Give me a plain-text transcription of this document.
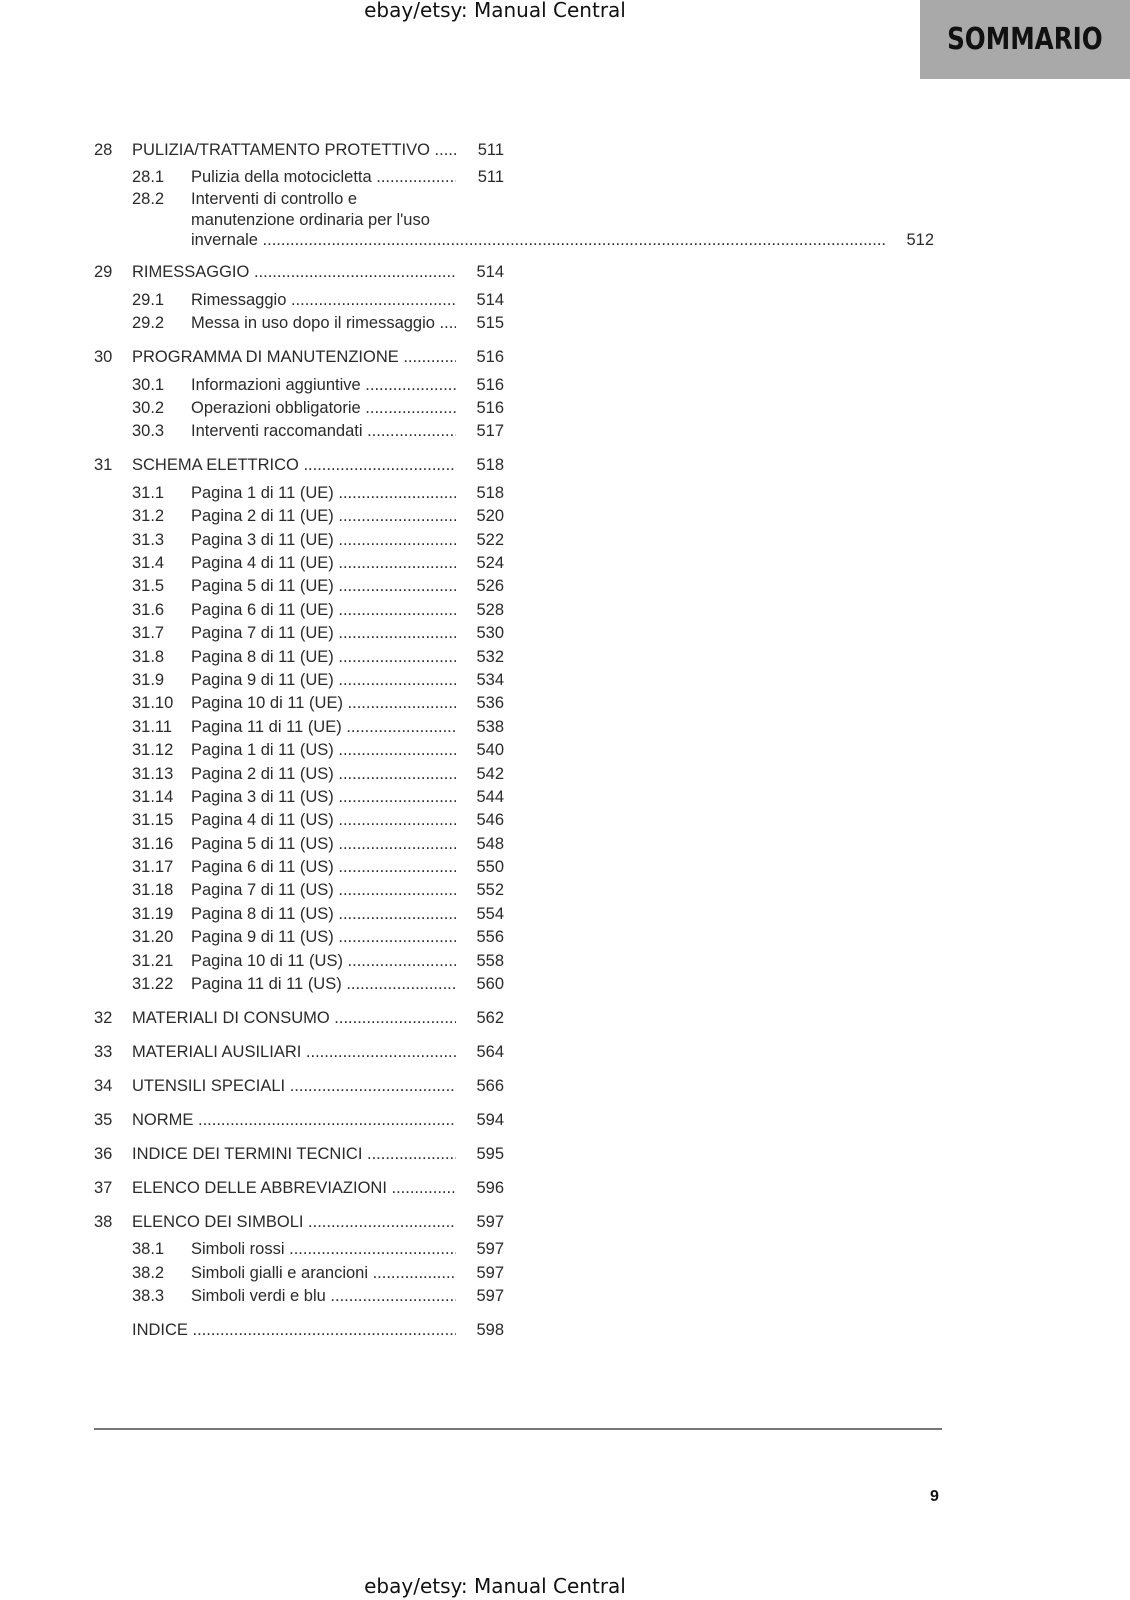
ebay/etsy: Manual Central
SOMMARIO
28	PULIZIA/TRATTAMENTO PROTETTIVO .....	511
28.1	Pulizia della motocicletta .....	511
28.2	Interventi di controllo e
manutenzione ordinaria per l'uso
invernale .....	512
29	RIMESSAGGIO .....	514
29.1	Rimessaggio .....	514
29.2	Messa in uso dopo il rimessaggio .....	515
30	PROGRAMMA DI MANUTENZIONE .....	516
30.1	Informazioni aggiuntive .....	516
30.2	Operazioni obbligatorie .....	516
30.3	Interventi raccomandati .....	517
31	SCHEMA ELETTRICO .....	518
31.1	Pagina 1 di 11 (UE) .....	518
31.2	Pagina 2 di 11 (UE) .....	520
31.3	Pagina 3 di 11 (UE) .....	522
31.4	Pagina 4 di 11 (UE) .....	524
31.5	Pagina 5 di 11 (UE) .....	526
31.6	Pagina 6 di 11 (UE) .....	528
31.7	Pagina 7 di 11 (UE) .....	530
31.8	Pagina 8 di 11 (UE) .....	532
31.9	Pagina 9 di 11 (UE) .....	534
31.10	Pagina 10 di 11 (UE) .....	536
31.11	Pagina 11 di 11 (UE) .....	538
31.12	Pagina 1 di 11 (US) .....	540
31.13	Pagina 2 di 11 (US) .....	542
31.14	Pagina 3 di 11 (US) .....	544
31.15	Pagina 4 di 11 (US) .....	546
31.16	Pagina 5 di 11 (US) .....	548
31.17	Pagina 6 di 11 (US) .....	550
31.18	Pagina 7 di 11 (US) .....	552
31.19	Pagina 8 di 11 (US) .....	554
31.20	Pagina 9 di 11 (US) .....	556
31.21	Pagina 10 di 11 (US) .....	558
31.22	Pagina 11 di 11 (US) .....	560
32	MATERIALI DI CONSUMO .....	562
33	MATERIALI AUSILIARI .....	564
34	UTENSILI SPECIALI .....	566
35	NORME .....	594
36	INDICE DEI TERMINI TECNICI .....	595
37	ELENCO DELLE ABBREVIAZIONI .....	596
38	ELENCO DEI SIMBOLI .....	597
38.1	Simboli rossi .....	597
38.2	Simboli gialli e arancioni .....	597
38.3	Simboli verdi e blu .....	597
INDICE .....	598
9
ebay/etsy: Manual Central
